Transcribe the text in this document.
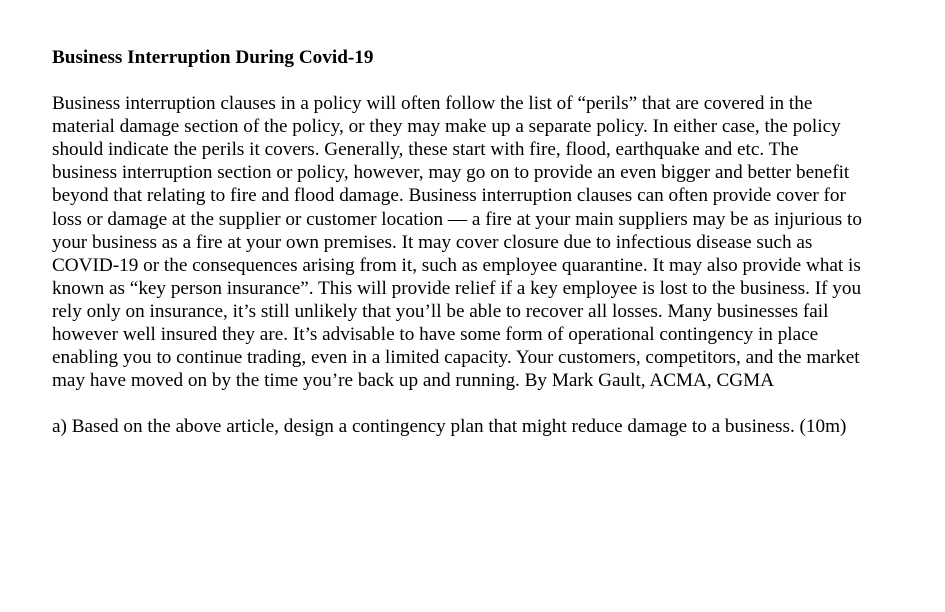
Business Interruption During Covid-19
Business interruption clauses in a policy will often follow the list of “perils” that are covered in the material damage section of the policy, or they may make up a separate policy. In either case, the policy should indicate the perils it covers. Generally, these start with fire, flood, earthquake and etc. The business interruption section or policy, however, may go on to provide an even bigger and better benefit beyond that relating to fire and flood damage. Business interruption clauses can often provide cover for loss or damage at the supplier or customer location — a fire at your main suppliers may be as injurious to your business as a fire at your own premises. It may cover closure due to infectious disease such as COVID-19 or the consequences arising from it, such as employee quarantine. It may also provide what is known as “key person insurance”. This will provide relief if a key employee is lost to the business. If you rely only on insurance, it’s still unlikely that you’ll be able to recover all losses. Many businesses fail however well insured they are. It’s advisable to have some form of operational contingency in place enabling you to continue trading, even in a limited capacity. Your customers, competitors, and the market may have moved on by the time you’re back up and running. By Mark Gault, ACMA, CGMA
a) Based on the above article, design a contingency plan that might reduce damage to a business. (10m)
